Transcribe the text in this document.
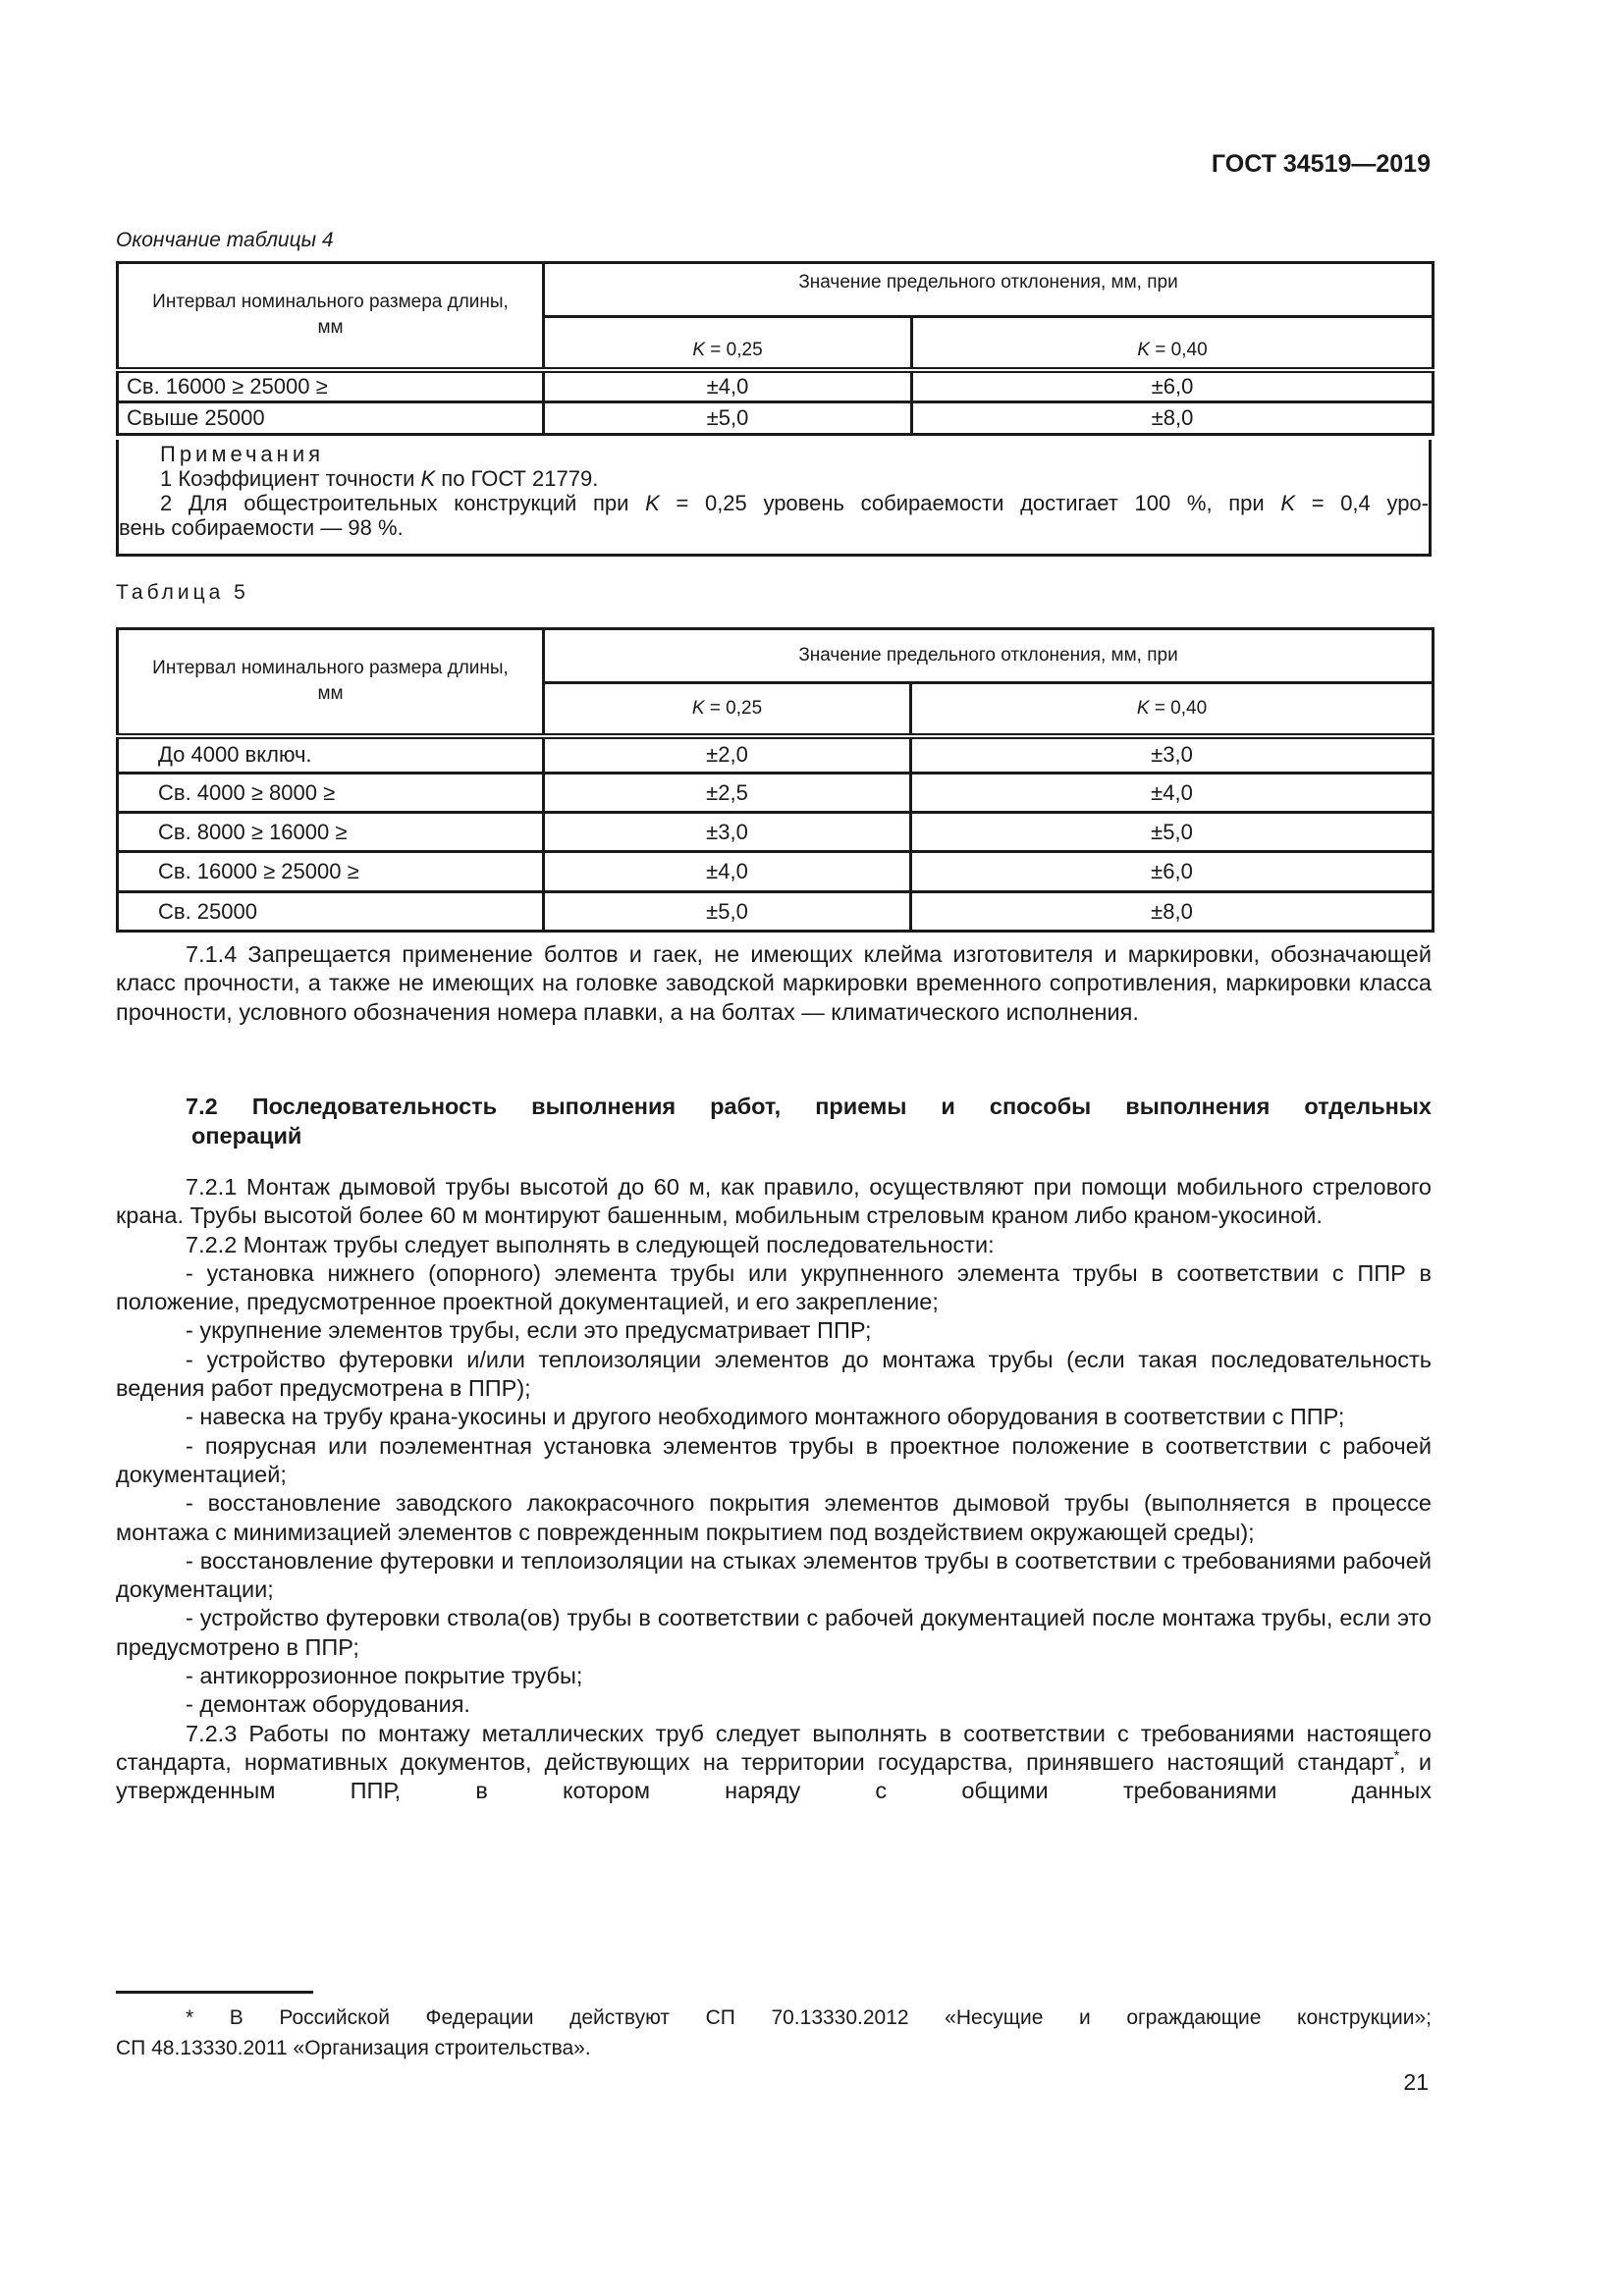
ГОСТ 34519—2019
Окончание таблицы 4
Интервал номинального размера длины, мм	Значение предельного отклонения, мм, при	
	K = 0,25	K = 0,40
Св. 16000 ≥ 25000 ≥	±4,0	±6,0
Свыше 25000	±5,0	±8,0

Примечания

1 Коэффициент точности K по ГОСТ 21779.

2 Для общестроительных конструкций при K = 0,25 уровень собираемости достигает 100 %, при K = 0,4 уро-

вень собираемости — 98 %.

Таблица 5
Интервал номинального размера длины, мм	Значение предельного отклонения, мм, при	
	K = 0,25	K = 0,40
До 4000 включ.	±2,0	±3,0
Св. 4000 ≥ 8000 ≥	±2,5	±4,0
Св. 8000 ≥ 16000 ≥	±3,0	±5,0
Св. 16000 ≥ 25000 ≥	±4,0	±6,0
Св. 25000	±5,0	±8,0

7.1.4 Запрещается применение болтов и гаек, не имеющих клейма изготовителя и маркировки, обозначающей класс прочности, а также не имеющих на головке заводской маркировки временного сопротивления, маркировки класса прочности, условного обозначения номера плавки, а на болтах — климатического исполнения.

7.2 Последовательность выполнения работ, приемы и способы выполнения отдельных
операций

7.2.1 Монтаж дымовой трубы высотой до 60 м, как правило, осуществляют при помощи мобильного стрелового крана. Трубы высотой более 60 м монтируют башенным, мобильным стреловым краном либо краном-укосиной.

7.2.2 Монтаж трубы следует выполнять в следующей последовательности:

- установка нижнего (опорного) элемента трубы или укрупненного элемента трубы в соответствии с ППР в положение, предусмотренное проектной документацией, и его закрепление;

- укрупнение элементов трубы, если это предусматривает ППР;

- устройство футеровки и/или теплоизоляции элементов до монтажа трубы (если такая последовательность ведения работ предусмотрена в ППР);

- навеска на трубу крана-укосины и другого необходимого монтажного оборудования в соответствии с ППР;

- поярусная или поэлементная установка элементов трубы в проектное положение в соответствии с рабочей документацией;

- восстановление заводского лакокрасочного покрытия элементов дымовой трубы (выполняется в процессе монтажа с минимизацией элементов с поврежденным покрытием под воздействием окружающей среды);

- восстановление футеровки и теплоизоляции на стыках элементов трубы в соответствии с требованиями рабочей документации;

- устройство футеровки ствола(ов) трубы в соответствии с рабочей документацией после монтажа трубы, если это предусмотрено в ППР;

- антикоррозионное покрытие трубы;

- демонтаж оборудования.

7.2.3 Работы по монтажу металлических труб следует выполнять в соответствии с требованиями настоящего стандарта, нормативных документов, действующих на территории государства, принявшего настоящий стандарт*, и утвержденным ППР, в котором наряду с общими требованиями данных

* В Российской Федерации действуют СП 70.13330.2012 «Несущие и ограждающие конструкции»;

СП 48.13330.2011 «Организация строительства».

21
